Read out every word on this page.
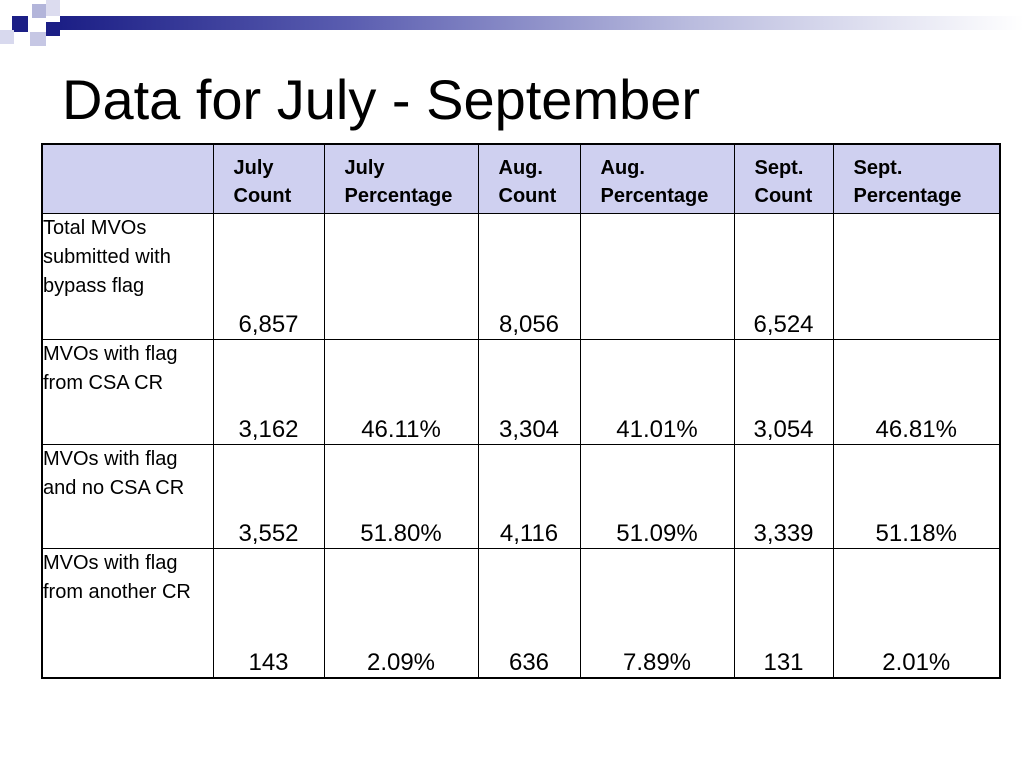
Data for July - September
	July Count	July Percentage	Aug. Count	Aug. Percentage	Sept. Count	Sept. Percentage
Total MVOs submitted with bypass flag	6,857		8,056		6,524	
MVOs with flag from CSA CR	3,162	46.11%	3,304	41.01%	3,054	46.81%
MVOs with flag and no CSA CR	3,552	51.80%	4,116	51.09%	3,339	51.18%
MVOs with flag from another CR	143	2.09%	636	7.89%	131	2.01%
